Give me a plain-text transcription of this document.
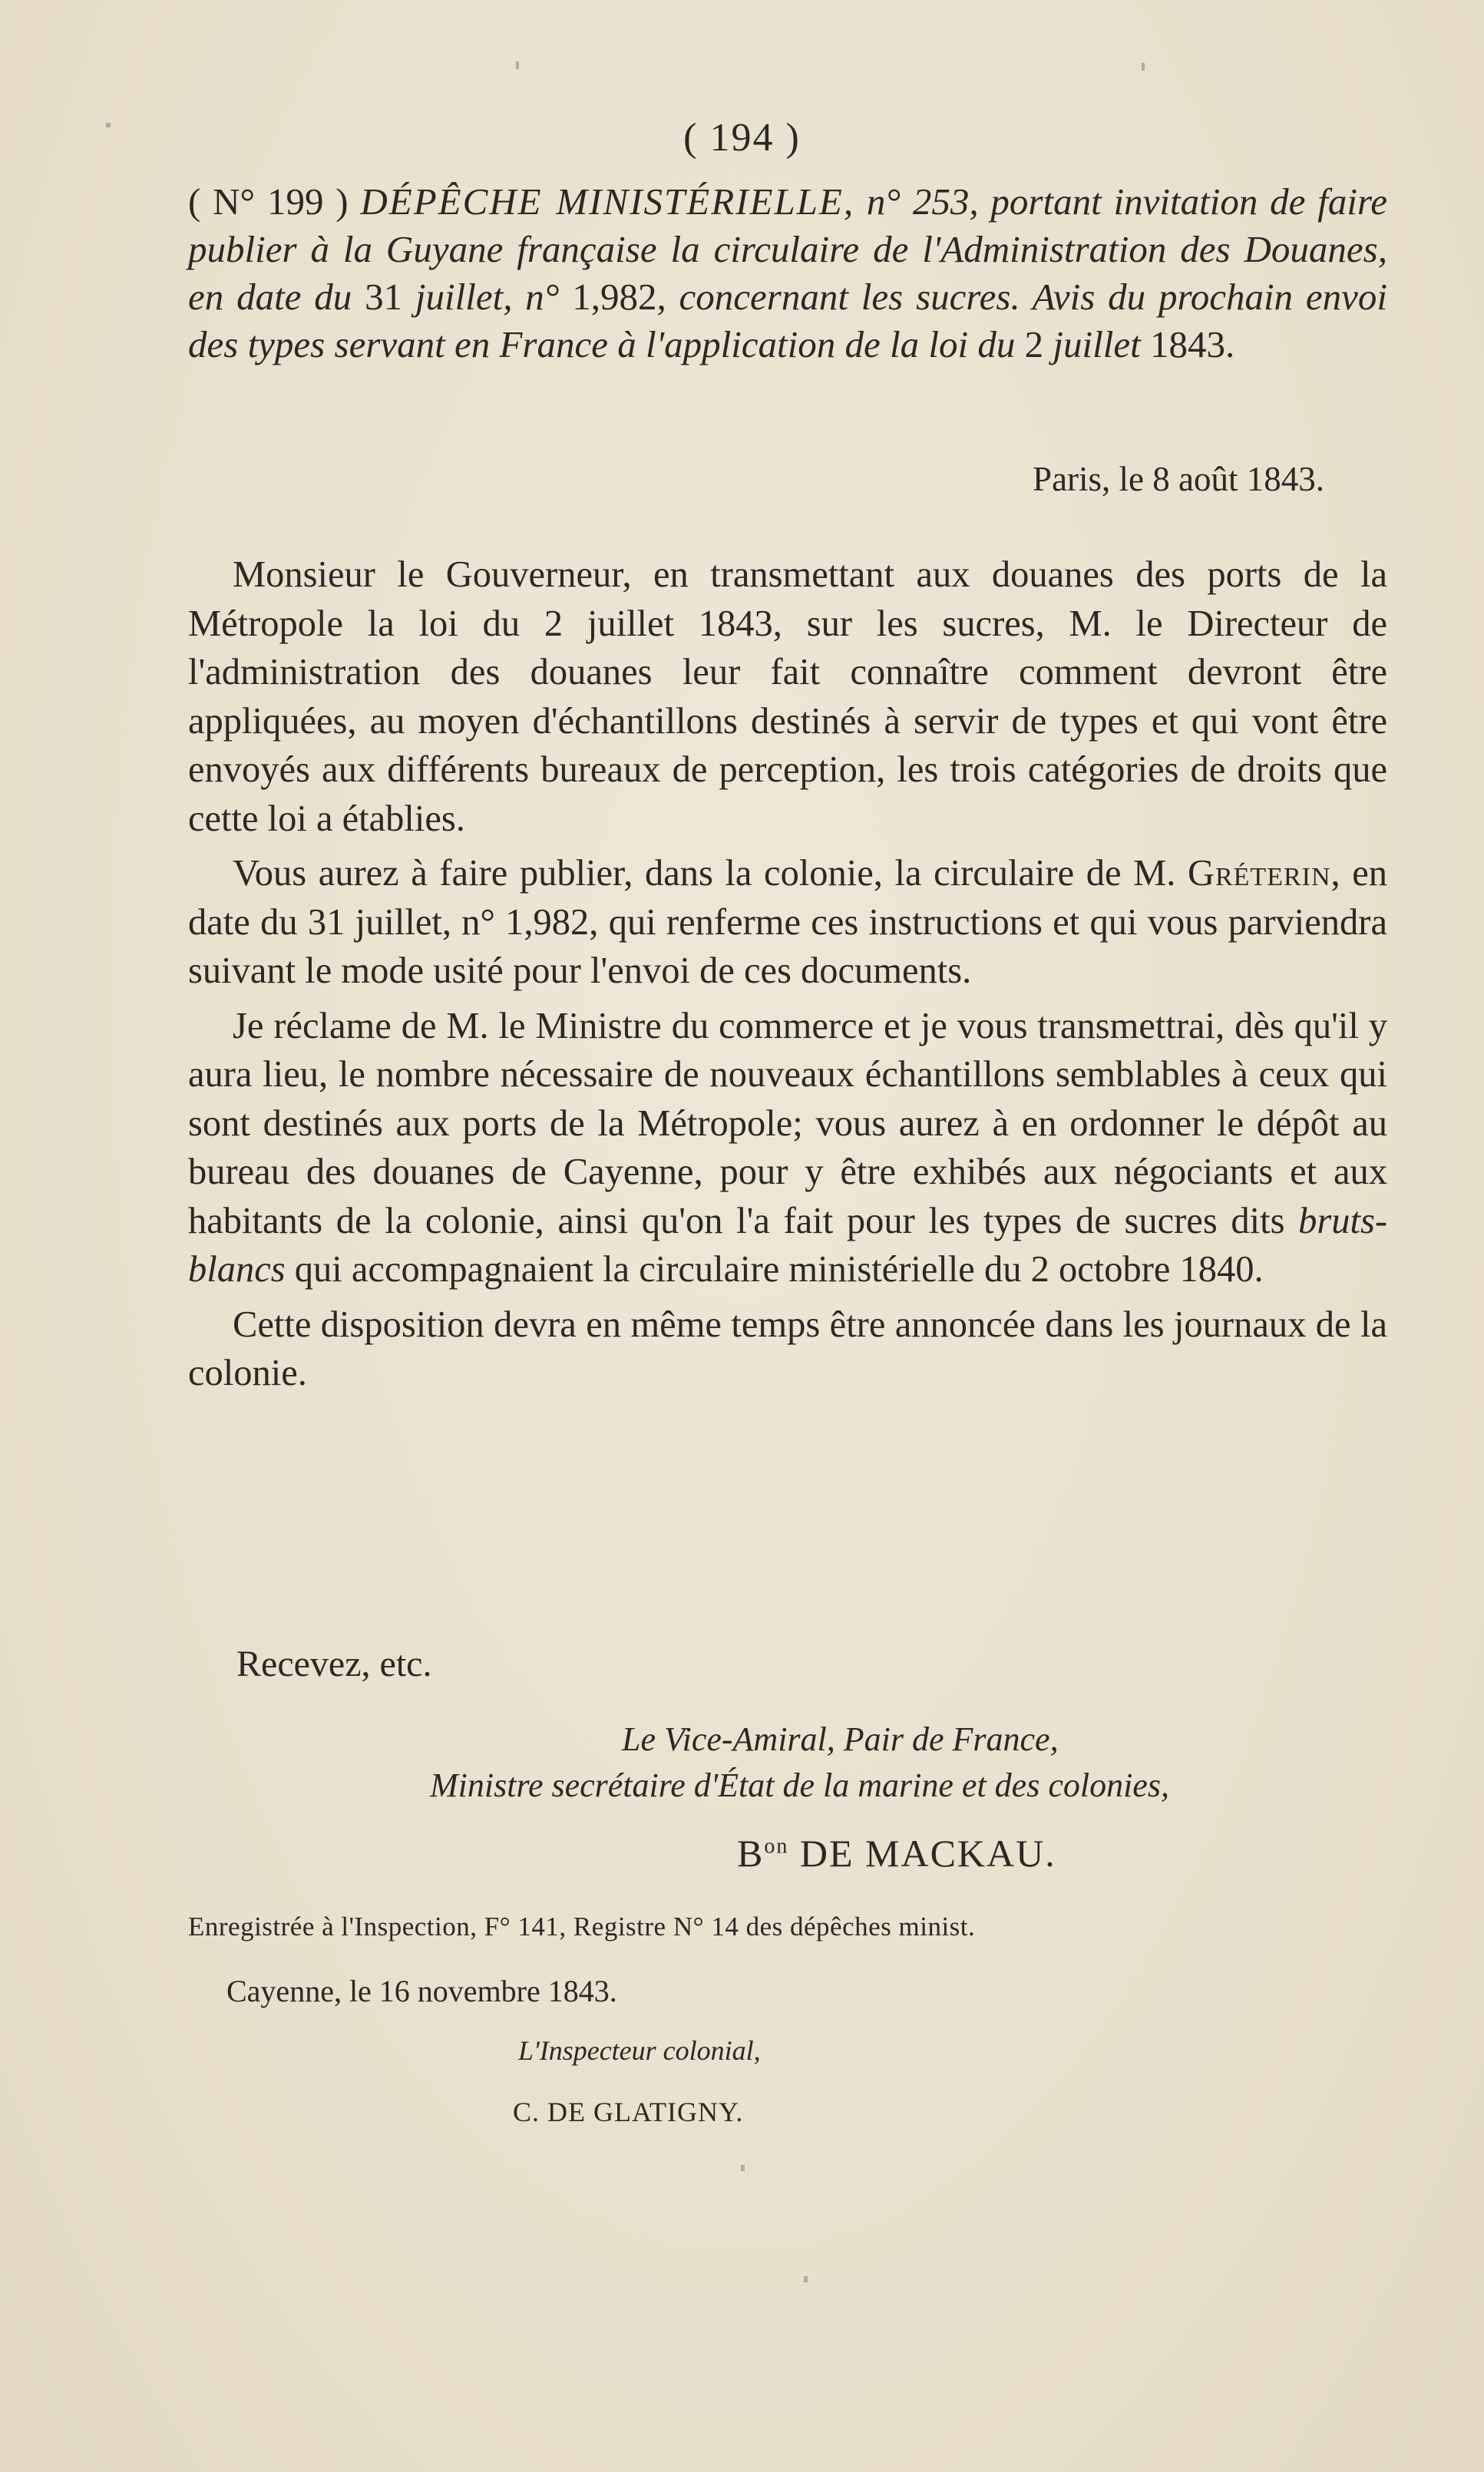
( 194 )
( N° 199 ) DÉPÊCHE MINISTÉRIELLE, n° 253, portant invitation de faire publier à la Guyane française la circulaire de l'Administration des Douanes, en date du 31 juillet, n° 1,982, concernant les sucres. Avis du prochain envoi des types servant en France à l'application de la loi du 2 juillet 1843.
Paris, le 8 août 1843.

Monsieur le Gouverneur, en transmettant aux douanes des ports de la Métropole la loi du 2 juillet 1843, sur les sucres, M. le Directeur de l'administration des douanes leur fait connaître comment devront être appliquées, au moyen d'échantillons destinés à servir de types et qui vont être envoyés aux différents bureaux de perception, les trois catégories de droits que cette loi a établies.

Vous aurez à faire publier, dans la colonie, la circulaire de M. Gréterin, en date du 31 juillet, n° 1,982, qui renferme ces instructions et qui vous parviendra suivant le mode usité pour l'envoi de ces documents.

Je réclame de M. le Ministre du commerce et je vous transmettrai, dès qu'il y aura lieu, le nombre nécessaire de nouveaux échantillons semblables à ceux qui sont destinés aux ports de la Métropole; vous aurez à en ordonner le dépôt au bureau des douanes de Cayenne, pour y être exhibés aux négociants et aux habitants de la colonie, ainsi qu'on l'a fait pour les types de sucres dits bruts-blancs qui accompagnaient la circulaire ministérielle du 2 octobre 1840.

Cette disposition devra en même temps être annoncée dans les journaux de la colonie.

Recevez, etc.
Le Vice-Amiral, Pair de France,
Ministre secrétaire d'État de la marine et des colonies,
$B^{on}$ DE MACKAU.
Enregistrée à l'Inspection, F° 141, Registre N° 14 des dépêches minist.
Cayenne, le 16 novembre 1843.
L'Inspecteur colonial,
C. DE GLATIGNY.
